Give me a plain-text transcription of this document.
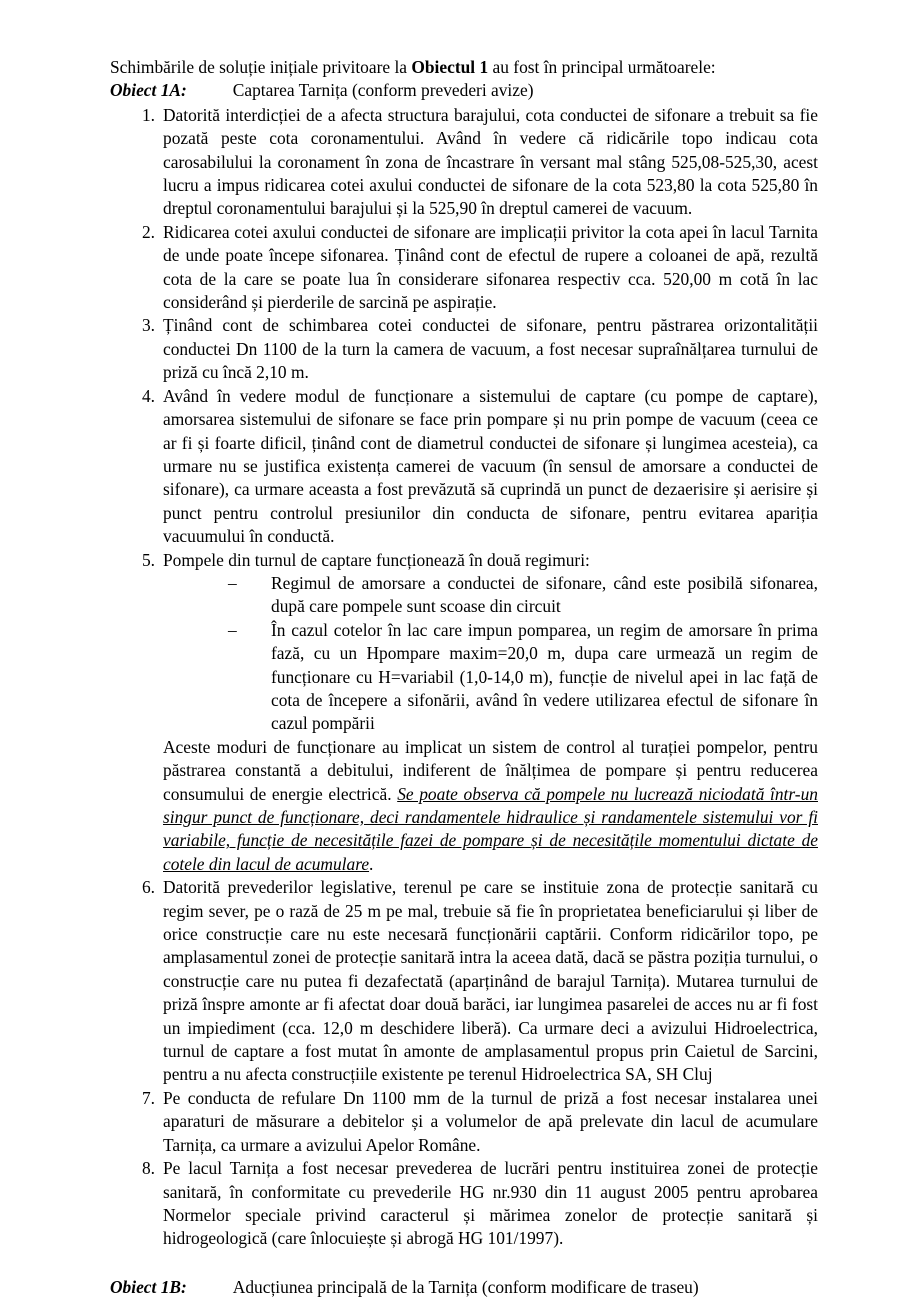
Schimbările de soluție inițiale privitoare la Obiectul 1 au fost în principal următoarele:

Obiect 1A:	Captarea Tarnița (conform prevederi avize)

1. Datorită interdicției de a afecta structura barajului, cota conductei de sifonare a trebuit sa fie pozată peste cota coronamentului. Având în vedere că ridicările topo indicau cota carosabilului la coronament în zona de încastrare în versant mal stâng 525,08-525,30, acest lucru a impus ridicarea cotei axului conductei de sifonare de la cota 523,80 la cota 525,80 în dreptul coronamentului barajului și la 525,90 în dreptul camerei de vacuum.
2. Ridicarea cotei axului conductei de sifonare are implicații privitor la cota apei în lacul Tarnita de unde poate începe sifonarea. Ținând cont de efectul de rupere a coloanei de apă, rezultă cota de la care se poate lua în considerare sifonarea respectiv cca. 520,00 m cotă în lac considerând și pierderile de sarcină pe aspirație.
3. Ținând cont de schimbarea cotei conductei de sifonare, pentru păstrarea orizontalității conductei Dn 1100 de la turn la camera de vacuum, a fost necesar supraînălțarea turnului de priză cu încă 2,10 m.
4. Având în vedere modul de funcționare a sistemului de captare (cu pompe de captare), amorsarea sistemului de sifonare se face prin pompare și nu prin pompe de vacuum (ceea ce ar fi și foarte dificil, ținând cont de diametrul conductei de sifonare și lungimea acesteia), ca urmare nu se justifica existența camerei de vacuum (în sensul de amorsare a conductei de sifonare), ca urmare aceasta a fost prevăzută să cuprindă un punct de dezaerisire și aerisire și punct pentru controlul presiunilor din conducta de sifonare, pentru evitarea apariția vacuumului în conductă.
5. Pompele din turnul de captare funcționează în două regimuri:
– Regimul de amorsare a conductei de sifonare, când este posibilă sifonarea, după care pompele sunt scoase din circuit
– În cazul cotelor în lac care impun pomparea, un regim de amorsare în prima fază, cu un Hpompare maxim=20,0 m, dupa care urmează un regim de funcționare cu H=variabil (1,0-14,0 m), funcție de nivelul apei in lac față de cota de începere a sifonării, având în vedere utilizarea efectul de sifonare în cazul pompării

Aceste moduri de funcționare au implicat un sistem de control al turației pompelor, pentru păstrarea constantă a debitului, indiferent de înălțimea de pompare și pentru reducerea consumului de energie electrică. Se poate observa că pompele nu lucrează niciodată într-un singur punct de funcționare, deci randamentele hidraulice și randamentele sistemului vor fi variabile, funcție de necesitățile fazei de pompare și de necesitățile momentului dictate de cotele din lacul de acumulare.

6. Datorită prevederilor legislative, terenul pe care se instituie zona de protecție sanitară cu regim sever, pe o rază de 25 m pe mal, trebuie să fie în proprietatea beneficiarului și liber de orice construcție care nu este necesară funcționării captării. Conform ridicărilor topo, pe amplasamentul zonei de protecție sanitară intra la aceea dată, dacă se păstra poziția turnului, o construcție care nu putea fi dezafectată (aparținând de barajul Tarnița). Mutarea turnului de priză înspre amonte ar fi afectat doar două barăci, iar lungimea pasarelei de acces nu ar fi fost un impiediment (cca. 12,0 m deschidere liberă). Ca urmare deci a avizului Hidroelectrica, turnul de captare a fost mutat în amonte de amplasamentul propus prin Caietul de Sarcini, pentru a nu afecta construcțiile existente pe terenul Hidroelectrica SA, SH Cluj
7. Pe conducta de refulare Dn 1100 mm de la turnul de priză a fost necesar instalarea unei aparaturi de măsurare a debitelor și a volumelor de apă prelevate din lacul de acumulare Tarnița, ca urmare a avizului Apelor Române.
8. Pe lacul Tarnița a fost necesar prevederea de lucrări pentru instituirea zonei de protecție sanitară, în conformitate cu prevederile HG nr.930 din 11 august 2005 pentru aprobarea Normelor speciale privind caracterul și mărimea zonelor de protecție sanitară și hidrogeologică (care înlocuiește și abrogă HG 101/1997).

Obiect 1B:	Aducțiunea principală de la Tarnița (conform modificare de traseu)
